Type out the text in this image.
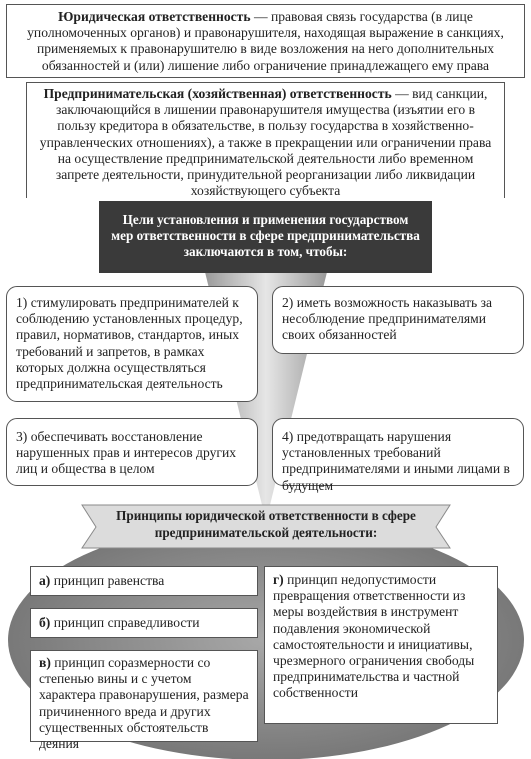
Юридическая ответственность — правовая связь государства (в лице уполномоченных органов) и правонарушителя, находящая выражение в санкциях, применяемых к правонарушителю в виде возложения на него дополнительных обязанностей и (или) лишение либо ограничение принадлежащего ему права
Предпринимательская (хозяйственная) ответственность — вид санкции, заключающийся в лишении правонарушителя имущества (изъятии его в пользу кредитора в обязательстве, в пользу государства в хозяйственно-управленческих отношениях), а также в прекращении или ограничении права на осуществление предпринимательской деятельности либо временном запрете деятельности, принудительной реорганизации либо ликвидации хозяйствующего субъекта
Цели установления и применения государством мер ответственности в сфере предпринимательства заключаются в том, чтобы:
1) стимулировать предпринимателей к соблюдению установленных процедур, правил, нормативов, стандартов, иных требований и запретов, в рамках которых должна осуществляться предпринимательская деятельность
2) иметь возможность наказывать за несоблюдение предпринимателями своих обязанностей
3) обеспечивать восстановление нарушенных прав и интересов других лиц и общества в целом
4) предотвращать нарушения установленных требований предпринимателями и иными лицами в будущем
Принципы юридической ответственности в сфере предпринимательской деятельности:
а) принцип равенства
б) принцип справедливости
в) принцип соразмерности со степенью вины и с учетом характера правонарушения, размера причиненного вреда и других существенных обстоятельств деяния
г) принцип недопустимости превращения ответственности из меры воздействия в инструмент подавления экономической самостоятельности и инициативы, чрезмерного ограничения свободы предпринимательства и частной собственности
